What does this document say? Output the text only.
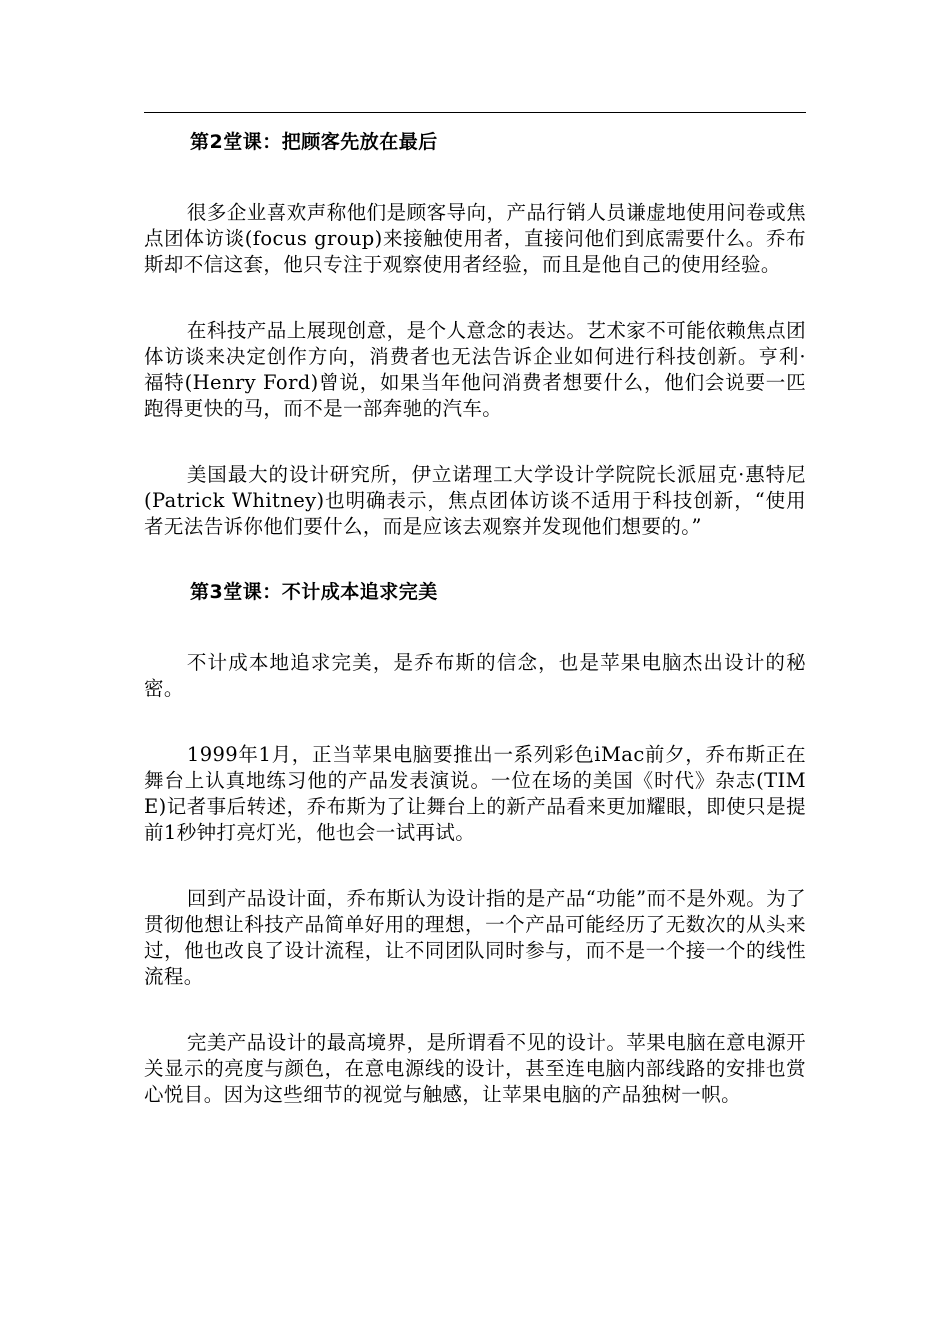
第2堂课：把顾客先放在最后

很多企业喜欢声称他们是顾客导向，产品行销人员谦虚地使用问卷或焦点团体访谈(focus group)来接触使用者，直接问他们到底需要什么。乔布斯却不信这套，他只专注于观察使用者经验，而且是他自己的使用经验。

在科技产品上展现创意，是个人意念的表达。艺术家不可能依赖焦点团体访谈来决定创作方向，消费者也无法告诉企业如何进行科技创新。亨利·福特(Henry Ford)曾说，如果当年他问消费者想要什么，他们会说要一匹跑得更快的马，而不是一部奔驰的汽车。

美国最大的设计研究所，伊立诺理工大学设计学院院长派屈克·惠特尼(Patrick Whitney)也明确表示，焦点团体访谈不适用于科技创新，“使用者无法告诉你他们要什么，而是应该去观察并发现他们想要的。”

第3堂课：不计成本追求完美

不计成本地追求完美，是乔布斯的信念，也是苹果电脑杰出设计的秘密。

1999年1月，正当苹果电脑要推出一系列彩色iMac前夕，乔布斯正在舞台上认真地练习他的产品发表演说。一位在场的美国《时代》杂志(TIME)记者事后转述，乔布斯为了让舞台上的新产品看来更加耀眼，即使只是提前1秒钟打亮灯光，他也会一试再试。

回到产品设计面，乔布斯认为设计指的是产品“功能”而不是外观。为了贯彻他想让科技产品简单好用的理想，一个产品可能经历了无数次的从头来过，他也改良了设计流程，让不同团队同时参与，而不是一个接一个的线性流程。

完美产品设计的最高境界，是所谓看不见的设计。苹果电脑在意电源开关显示的亮度与颜色，在意电源线的设计，甚至连电脑内部线路的安排也赏心悦目。因为这些细节的视觉与触感，让苹果电脑的产品独树一帜。
